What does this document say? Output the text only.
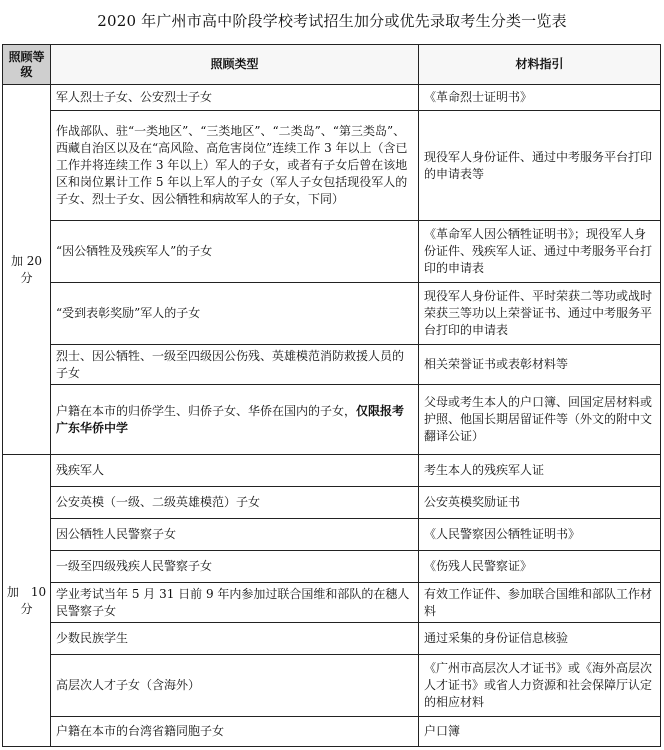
2020 年广州市高中阶段学校考试招生加分或优先录取考生分类一览表
照顾等级	照顾类型	材料指引
加 20 分	军人烈士子女、公安烈士子女	《革命烈士证明书》
	作战部队、驻“一类地区”、“三类地区”、“二类岛”、“第三类岛”、西藏自治区以及在“高风险、高危害岗位”连续工作 3 年以上（含已工作并将连续工作 3 年以上）军人的子女，或者有子女后曾在该地区和岗位累计工作 5 年以上军人的子女（军人子女包括现役军人的子女、烈士子女、因公牺牲和病故军人的子女，下同）	现役军人身份证件、通过中考服务平台打印的申请表等
	“因公牺牲及残疾军人”的子女	《革命军人因公牺牲证明书》；现役军人身份证件、残疾军人证、通过中考服务平台打印的申请表
	“受到表彰奖励”军人的子女	现役军人身份证件、平时荣获二等功或战时荣获三等功以上荣誉证书、通过中考服务平台打印的申请表
	烈士、因公牺牲、一级至四级因公伤残、英雄模范消防救援人员的子女	相关荣誉证书或表彰材料等
	户籍在本市的归侨学生、归侨子女、华侨在国内的子女，仅限报考广东华侨中学	父母或考生本人的户口簿、回国定居材料或护照、他国长期居留证件等（外文的附中文翻译公证）
加　10 分	残疾军人	考生本人的残疾军人证
	公安英模（一级、二级英雄模范）子女	公安英模奖励证书
	因公牺牲人民警察子女	《人民警察因公牺牲证明书》
	一级至四级残疾人民警察子女	《伤残人民警察证》
	学业考试当年 5 月 31 日前 9 年内参加过联合国维和部队的在穗人民警察子女	有效工作证件、参加联合国维和部队工作材料
	少数民族学生	通过采集的身份证信息核验
	高层次人才子女（含海外）	《广州市高层次人才证书》或《海外高层次人才证书》或省人力资源和社会保障厅认定的相应材料
	户籍在本市的台湾省籍同胞子女	户口簿
